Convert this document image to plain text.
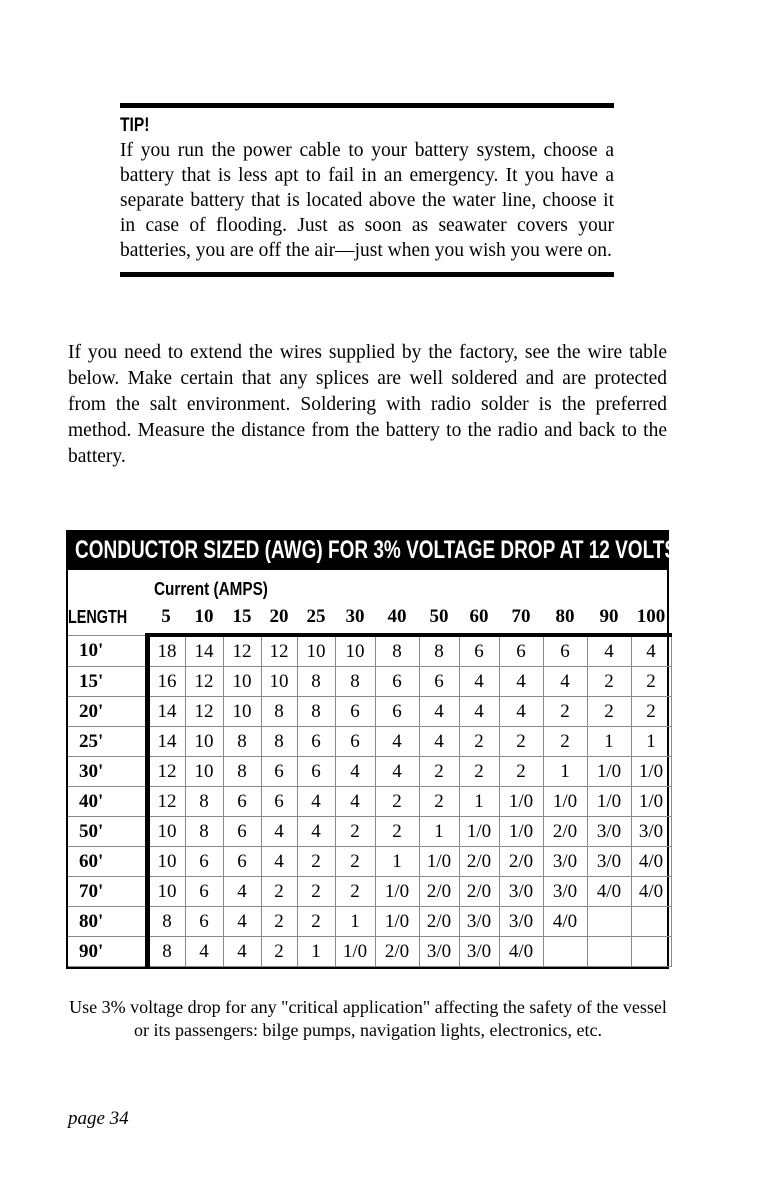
TIP!
If you run the power cable to your battery system, choose a battery that is less apt to fail in an emergency. It you have a separate battery that is located above the water line, choose it in case of flooding. Just as soon as seawater covers your batteries, you are off the air—just when you wish you were on.
If you need to extend the wires supplied by the factory, see the wire table below. Make certain that any splices are well soldered and are protected from the salt environment. Soldering with radio solder is the preferred method. Measure the distance from the battery to the radio and back to the battery.
CONDUCTOR SIZED (AWG) FOR 3% VOLTAGE DROP AT 12 VOLTS
	Current (AMPS)												
LENGTH	5	10	15	20	25	30	40	50	60	70	80	90	100
10'	18	14	12	12	10	10	8	8	6	6	6	4	4
15'	16	12	10	10	8	8	6	6	4	4	4	2	2
20'	14	12	10	8	8	6	6	4	4	4	2	2	2
25'	14	10	8	8	6	6	4	4	2	2	2	1	1
30'	12	10	8	6	6	4	4	2	2	2	1	1/0	1/0
40'	12	8	6	6	4	4	2	2	1	1/0	1/0	1/0	1/0
50'	10	8	6	4	4	2	2	1	1/0	1/0	2/0	3/0	3/0
60'	10	6	6	4	2	2	1	1/0	2/0	2/0	3/0	3/0	4/0
70'	10	6	4	2	2	2	1/0	2/0	2/0	3/0	3/0	4/0	4/0
80'	8	6	4	2	2	1	1/0	2/0	3/0	3/0	4/0		
90'	8	4	4	2	1	1/0	2/0	3/0	3/0	4/0			
Use 3% voltage drop for any "critical application" affecting the safety of the vessel or its passengers: bilge pumps, navigation lights, electronics, etc.
page 34
